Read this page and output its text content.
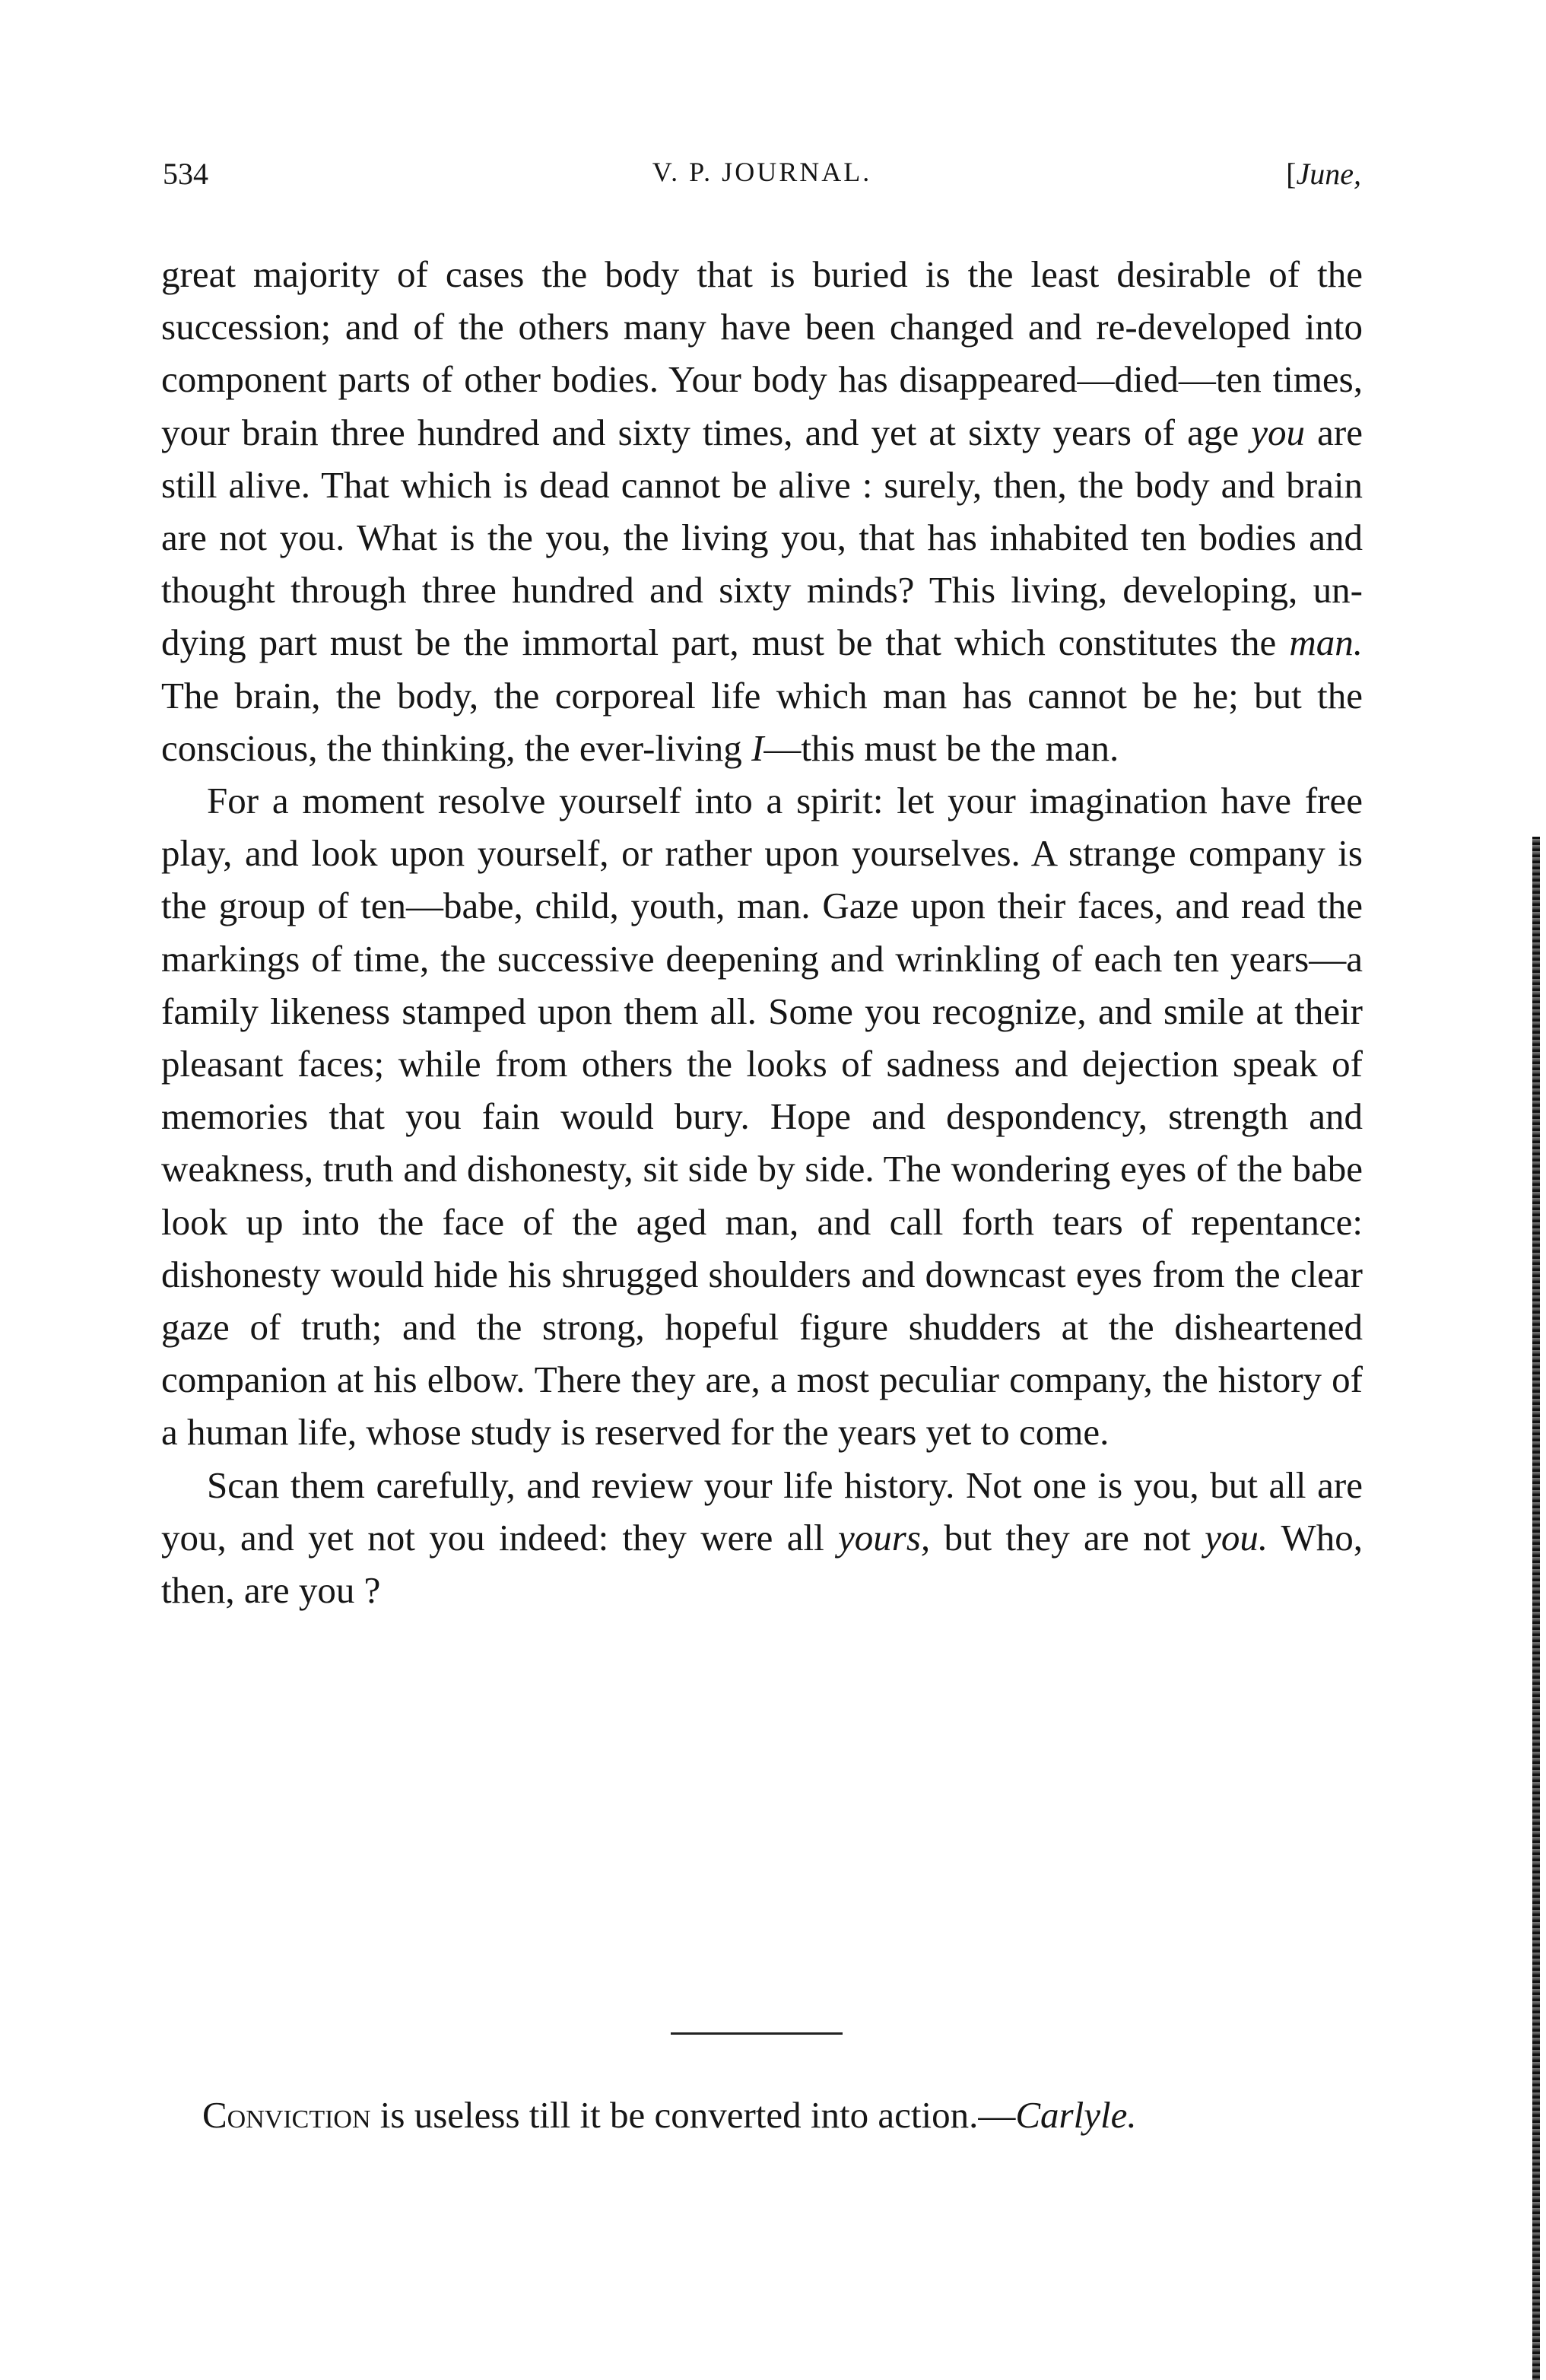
534	V. P. JOURNAL.	[June,

great majority of cases the body that is buried is the least desirable of the succession; and of the others many have been changed and re-developed into component parts of other bodies. Your body has disappeared—died—ten times, your brain three hundred and sixty times, and yet at sixty years of age you are still alive. That which is dead cannot be alive : surely, then, the body and brain are not you. What is the you, the living you, that has inhabited ten bodies and thought through three hundred and sixty minds? This living, developing, undying part must be the immortal part, must be that which constitutes the man. The brain, the body, the corporeal life which man has cannot be he; but the conscious, the thinking, the ever-living I—this must be the man.

For a moment resolve yourself into a spirit: let your imagination have free play, and look upon yourself, or rather upon yourselves. A strange company is the group of ten—babe, child, youth, man. Gaze upon their faces, and read the markings of time, the successive deepening and wrinkling of each ten years—a family likeness stamped upon them all. Some you recognize, and smile at their pleasant faces; while from others the looks of sadness and dejection speak of memories that you fain would bury. Hope and despondency, strength and weakness, truth and dishonesty, sit side by side. The wondering eyes of the babe look up into the face of the aged man, and call forth tears of repentance: dishonesty would hide his shrugged shoulders and downcast eyes from the clear gaze of truth; and the strong, hopeful figure shudders at the disheartened companion at his elbow. There they are, a most peculiar company, the history of a human life, whose study is reserved for the years yet to come.

Scan them carefully, and review your life history. Not one is you, but all are you, and yet not you indeed: they were all yours, but they are not you. Who, then, are you ?

Conviction is useless till it be converted into action.—Carlyle.
